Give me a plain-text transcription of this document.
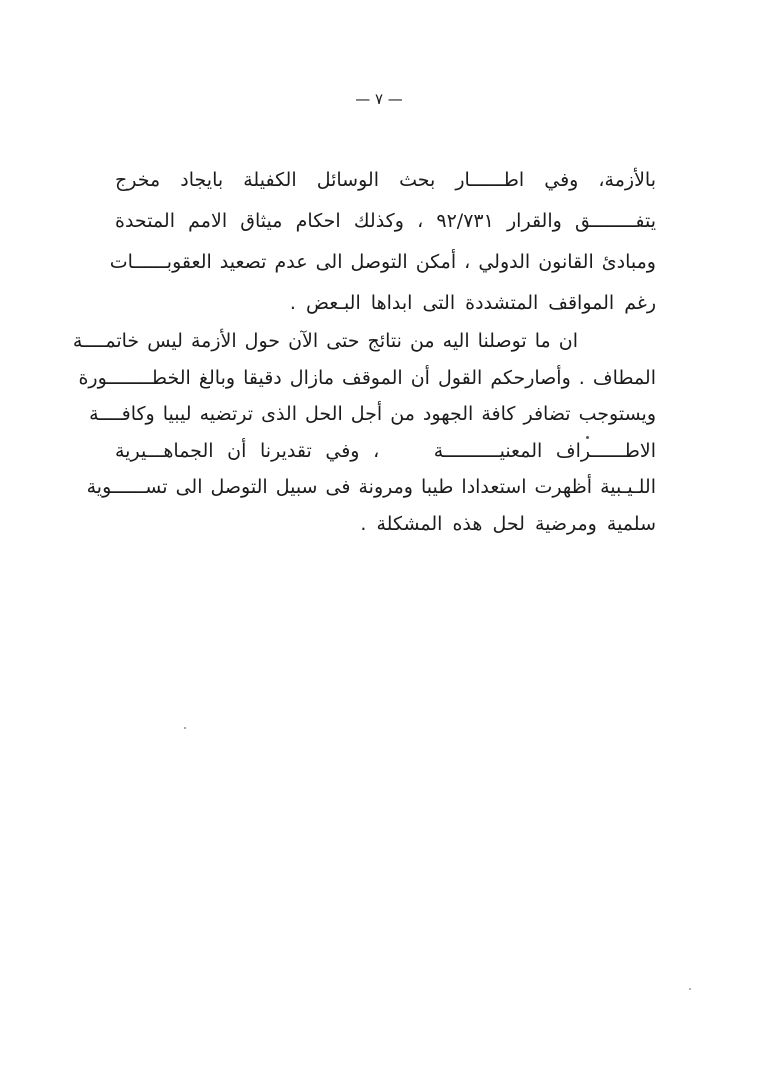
— ٧ —
بالأزمة، وفي اطــــــار بحث الوسائل الكفيلة بايجاد مخرج
يتفــــــــق والقرار ٩٢/٧٣١ ، وكذلك احكام ميثاق الامم المتحدة
ومبادئ القانون الدولي ، أمكن التوصل الى عدم تصعيد العقوبــــــات
رغم المواقف المتشددة التى ابداها البـعض .
ان ما توصلنا اليه من نتائج حتى الآن حول الأزمة ليس خاتمــــة
المطاف . وأصارحكم القول أن الموقف مازال دقيقا وبالغ الخطــــــــورة
ويستوجب تضافر كافة الجهود من أجل الحل الذى ترتضيه ليبيا وكافــــة
الاطــــــراف المعنيــــــــــة    ، وفي تقديرنا أن الجماهـــيرية
اللـيـبية أظهرت استعدادا طيبا ومرونة فى سبيل التوصل الى تســــــوية
سلمية ومرضية لحل هذه المشكلة .
